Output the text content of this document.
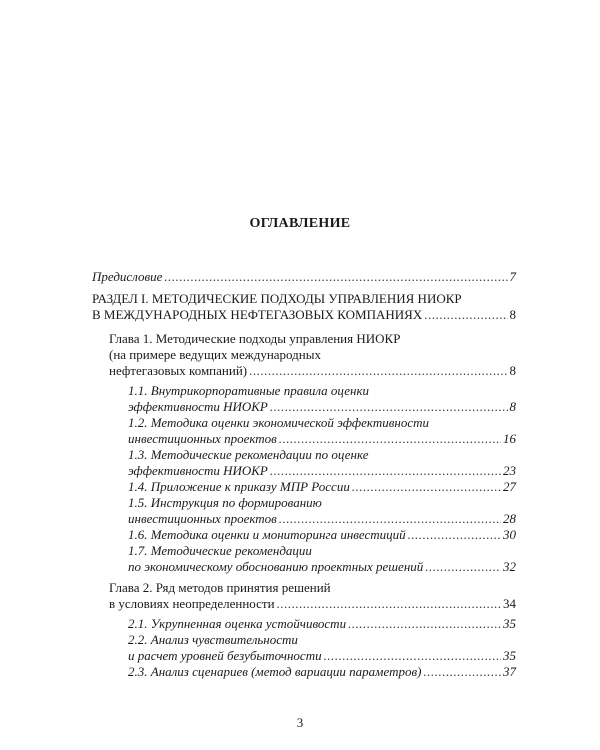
ОГЛАВЛЕНИЕ
Предисловие .....	7
РАЗДЕЛ I. МЕТОДИЧЕСКИЕ ПОДХОДЫ УПРАВЛЕНИЯ НИОКР
В МЕЖДУНАРОДНЫХ НЕФТЕГАЗОВЫХ КОМПАНИЯХ .....	8
Глава 1. Методические подходы управления НИОКР
(на примере ведущих международных
нефтегазовых компаний) .....	8
1.1. Внутрикорпоративные правила оценки
эффективности НИОКР .....	8
1.2. Методика оценки экономической эффективности
инвестиционных проектов .....	16
1.3. Методические рекомендации по оценке
эффективности НИОКР .....	23
1.4. Приложение к приказу МПР России .....	27
1.5. Инструкция по формированию
инвестиционных проектов .....	28
1.6. Методика оценки и мониторинга инвестиций .....	30
1.7. Методические рекомендации
по экономическому обоснованию проектных решений .....	32
Глава 2. Ряд методов принятия решений
в условиях неопределенности .....	34
2.1. Укрупненная оценка устойчивости .....	35
2.2. Анализ чувствительности
и расчет уровней безубыточности .....	35
2.3. Анализ сценариев (метод вариации параметров) .....	37
3
